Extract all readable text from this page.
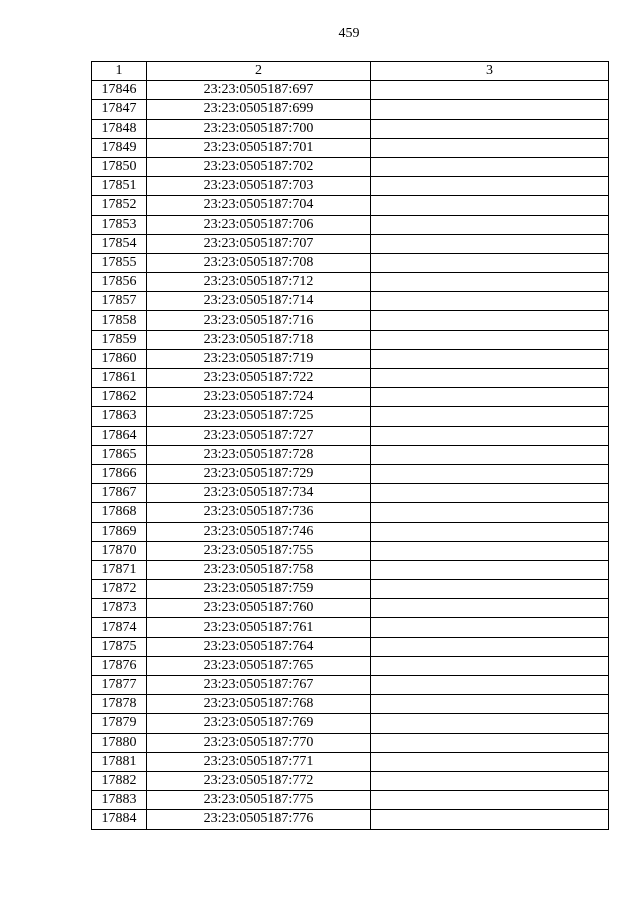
459
1	2	3
17846	23:23:0505187:697	
17847	23:23:0505187:699	
17848	23:23:0505187:700	
17849	23:23:0505187:701	
17850	23:23:0505187:702	
17851	23:23:0505187:703	
17852	23:23:0505187:704	
17853	23:23:0505187:706	
17854	23:23:0505187:707	
17855	23:23:0505187:708	
17856	23:23:0505187:712	
17857	23:23:0505187:714	
17858	23:23:0505187:716	
17859	23:23:0505187:718	
17860	23:23:0505187:719	
17861	23:23:0505187:722	
17862	23:23:0505187:724	
17863	23:23:0505187:725	
17864	23:23:0505187:727	
17865	23:23:0505187:728	
17866	23:23:0505187:729	
17867	23:23:0505187:734	
17868	23:23:0505187:736	
17869	23:23:0505187:746	
17870	23:23:0505187:755	
17871	23:23:0505187:758	
17872	23:23:0505187:759	
17873	23:23:0505187:760	
17874	23:23:0505187:761	
17875	23:23:0505187:764	
17876	23:23:0505187:765	
17877	23:23:0505187:767	
17878	23:23:0505187:768	
17879	23:23:0505187:769	
17880	23:23:0505187:770	
17881	23:23:0505187:771	
17882	23:23:0505187:772	
17883	23:23:0505187:775	
17884	23:23:0505187:776	
